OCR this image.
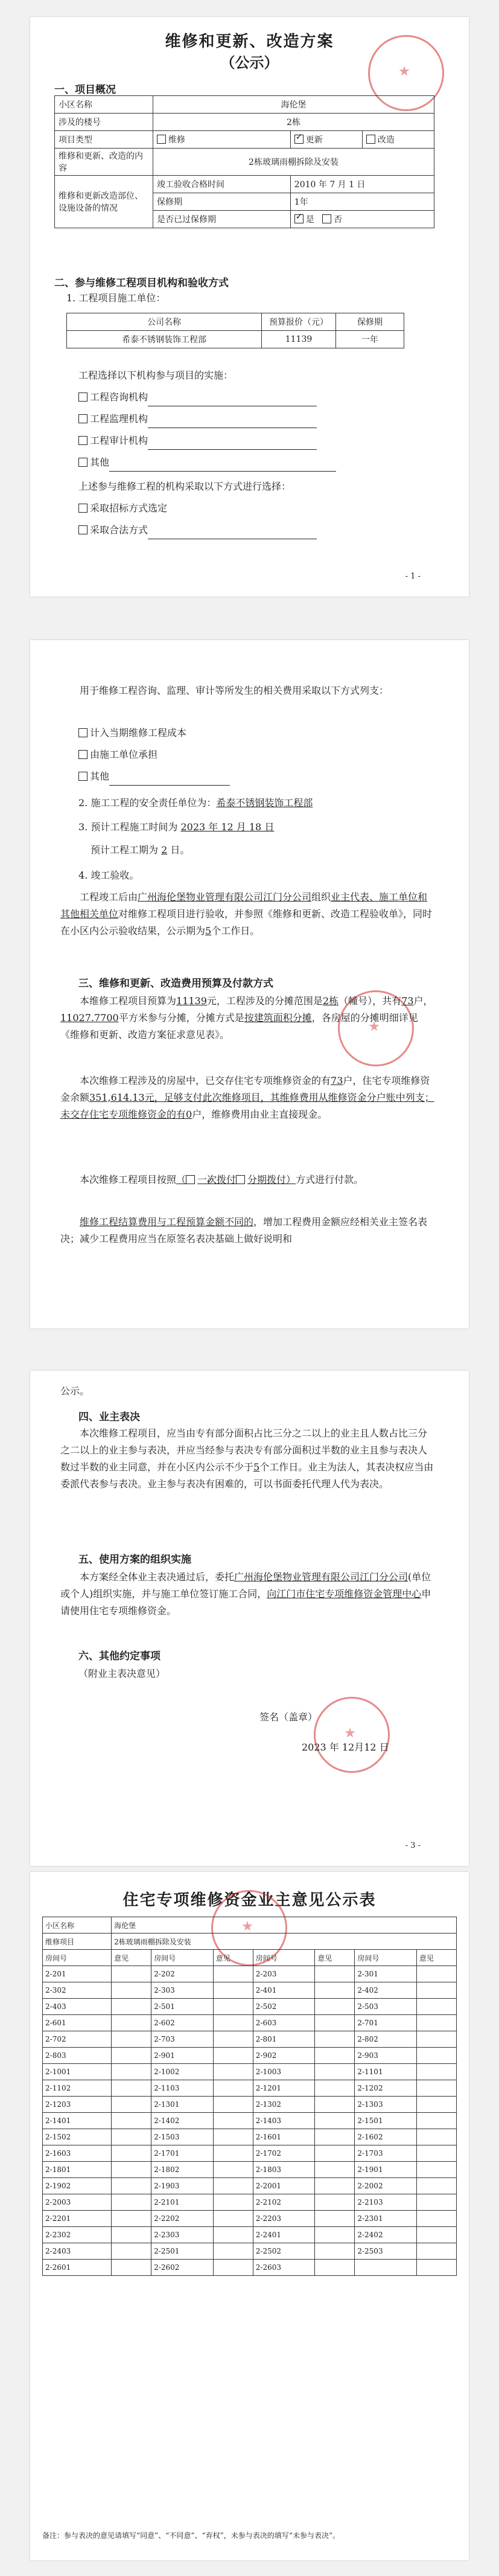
维修和更新、改造方案
（公示）
一、项目概况
小区名称	海伦堡		
涉及的楼号	2栋		
项目类型	维修	✓更新	改造
维修和更新、改造的内容	2栋玻璃雨棚拆除及安装		
维修和更新改造部位、设施设备的情况	竣工验收合格时间	2010 年 7 月 1 日	
	保修期	1年	
	是否已过保修期	✓是 否
二、参与维修工程项目机构和验收方式
1. 工程项目施工单位：
公司名称	预算报价（元）	保修期
希泰不锈钢装饰工程部	11139	一年
工程选择以下机构参与项目的实施：
工程咨询机构
工程监理机构
工程审计机构
其他
上述参与维修工程的机构采取以下方式进行选择：
采取招标方式选定
采取合法方式
- 1 -
用于维修工程咨询、监理、审计等所发生的相关费用采取以下方式列支：
计入当期维修工程成本
由施工单位承担
其他
2. 施工工程的安全责任单位为：希泰不锈钢装饰工程部
3. 预计工程施工时间为 2023 年 12 月 18 日
预计工程工期为 2 日。
4. 竣工验收。
工程竣工后由广州海伦堡物业管理有限公司江门分公司组织业主代表、施工单位和其他相关单位对维修工程项目进行验收，并参照《维修和更新、改造工程验收单》，同时在小区内公示验收结果，公示期为5个工作日。
三、维修和更新、改造费用预算及付款方式
本维修工程项目预算为11139元，工程涉及的分摊范围是2栋（幢号），共有73户，11027.7700平方米参与分摊，分摊方式是按建筑面积分摊，各房屋的分摊明细详见《维修和更新、改造方案征求意见表》。
本次维修工程涉及的房屋中，已交存住宅专项维修资金的有73户，住宅专项维修资金余额351,614.13元，足够支付此次维修项目，其维修费用从维修资金分户账中列支；未交存住宅专项维修资金的有0户，维修费用由业主直接现金。
本次维修工程项目按照（ ✓ 一次拨付 分期拨付）方式进行付款。
维修工程结算费用与工程预算金额不同的，增加工程费用金额应经相关业主签名表决；减少工程费用应当在原签名表决基础上做好说明和
公示。
四、业主表决
本次维修工程项目，应当由专有部分面积占比三分之二以上的业主且人数占比三分之二以上的业主参与表决，并应当经参与表决专有部分面积过半数的业主且参与表决人数过半数的业主同意，并在小区内公示不少于5个工作日。业主为法人，其表决权应当由委派代表参与表决。业主参与表决有困难的，可以书面委托代理人代为表决。
五、使用方案的组织实施
本方案经全体业主表决通过后，委托广州海伦堡物业管理有限公司江门分公司(单位或个人)组织实施，并与施工单位签订施工合同，向江门市住宅专项维修资金管理中心申请使用住宅专项维修资金。
六、其他约定事项
（附业主表决意见）
签名（盖章）
2023 年 12月12 日
- 3 -
住宅专项维修资金业主意见公示表
小区名称	海伦堡						
维修项目	2栋玻璃雨棚拆除及安装						
房间号	意见	房间号	意见	房间号	意见	房间号	意见
2-201		2-202		2-203		2-301	
2-302		2-303		2-401		2-402	
2-403		2-501		2-502		2-503	
2-601		2-602		2-603		2-701	
2-702		2-703		2-801		2-802	
2-803		2-901		2-902		2-903	
2-1001		2-1002		2-1003		2-1101	
2-1102		2-1103		2-1201		2-1202	
2-1203		2-1301		2-1302		2-1303	
2-1401		2-1402		2-1403		2-1501	
2-1502		2-1503		2-1601		2-1602	
2-1603		2-1701		2-1702		2-1703	
2-1801		2-1802		2-1803		2-1901	
2-1902		2-1903		2-2001		2-2002	
2-2003		2-2101		2-2102		2-2103	
2-2201		2-2202		2-2203		2-2301	
2-2302		2-2303		2-2401		2-2402	
2-2403		2-2501		2-2502		2-2503	
2-2601		2-2602		2-2603			
备注：参与表决的意见请填写“同意”、“不同意”、“弃权”，未参与表决的填写“未参与表决”。
